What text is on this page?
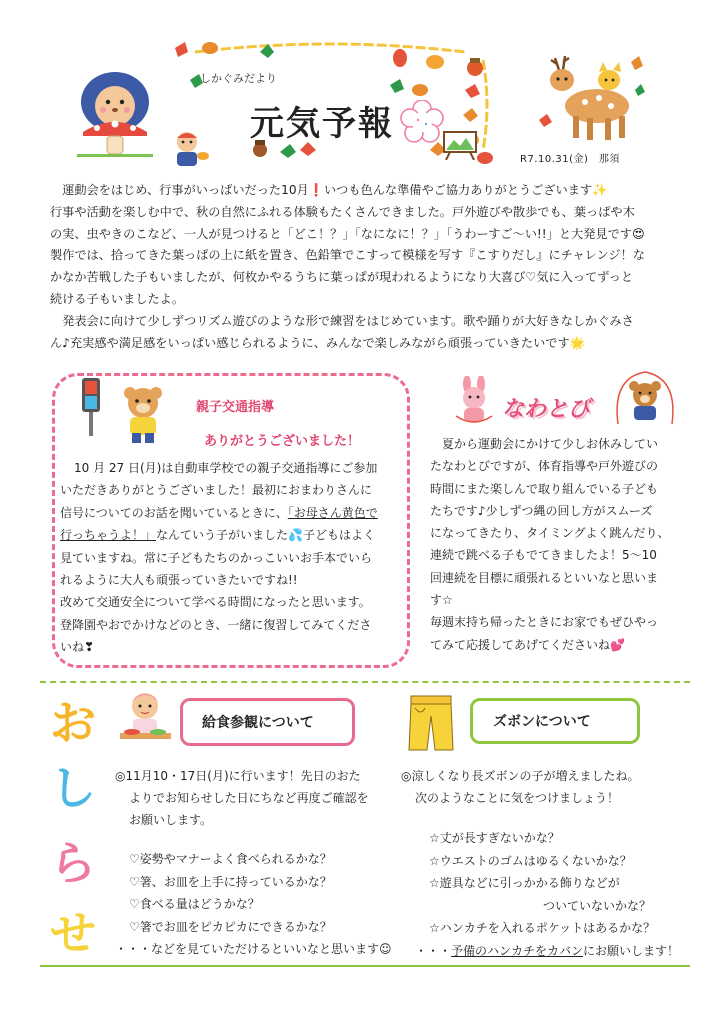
しかぐみだより
元気予報
R7.10.31(金)　那須

運動会をはじめ、行事がいっぱいだった10月❗いつも色んな準備やご協力ありがとうございます✨

行事や活動を楽しむ中で、秋の自然にふれる体験もたくさんできました。戸外遊びや散歩でも、葉っぱや木

の実、虫やきのこなど、一人が見つけると「どこ！？」「なになに！？」「うわーすご〜い!!」と大発見です😍

製作では、拾ってきた葉っぱの上に紙を置き、色鉛筆でこすって模様を写す『こすりだし』にチャレンジ！な

かなか苦戦した子もいましたが、何枚かやるうちに葉っぱが現われるようになり大喜び♡気に入ってずっと

続ける子もいましたよ。

発表会に向けて少しずつリズム遊びのような形で練習をはじめています。歌や踊りが大好きなしかぐみさ

ん♪充実感や満足感をいっぱい感じられるように、みんなで楽しみながら頑張っていきたいです🌟

親子交通指導
ありがとうございました！
10 月 27 日(月)は自動車学校での親子交通指導にご参加
いただきありがとうございました！最初におまわりさんに
信号についてのお話を聞いているときに、「お母さん黄色で
行っちゃうよ！」なんていう子がいました💦子どもはよく
見ていますね。常に子どもたちのかっこいいお手本でいら
れるように大人も頑張っていきたいですね!!
改めて交通安全について学べる時間になったと思います。
登降園やおでかけなどのとき、一緒に復習してみてくださ
いね❣
なわとび

夏から運動会にかけて少しお休みしてい

たなわとびですが、体育指導や戸外遊びの
時間にまた楽しんで取り組んでいる子ども
たちです♪少しずつ縄の回し方がスムーズ
になってきたり、タイミングよく跳んだり、
連続で跳べる子もでてきましたよ！5〜10
回連続を目標に頑張れるといいなと思いま
す☆
毎週末持ち帰ったときにお家でもぜひやっ
てみて応援してあげてくださいね💕
お
し
ら
せ
給食参観について
◎11月10・17日(月)に行います！先日のおた
よりでお知らせした日にちなど再度ご確認を
お願いします。
♡姿勢やマナーよく食べられるかな？
♡箸、お皿を上手に持っているかな？
♡食べる量はどうかな？
♡箸でお皿をピカピカにできるかな？
・・・などを見ていただけるといいなと思います☺
ズボンについて
◎涼しくなり長ズボンの子が増えましたね。
次のようなことに気をつけましょう！
☆丈が長すぎないかな？
☆ウエストのゴムはゆるくないかな？
☆遊具などに引っかかる飾りなどが
ついていないかな？
☆ハンカチを入れるポケットはあるかな？
・・・予備のハンカチをカバンにお願いします！
